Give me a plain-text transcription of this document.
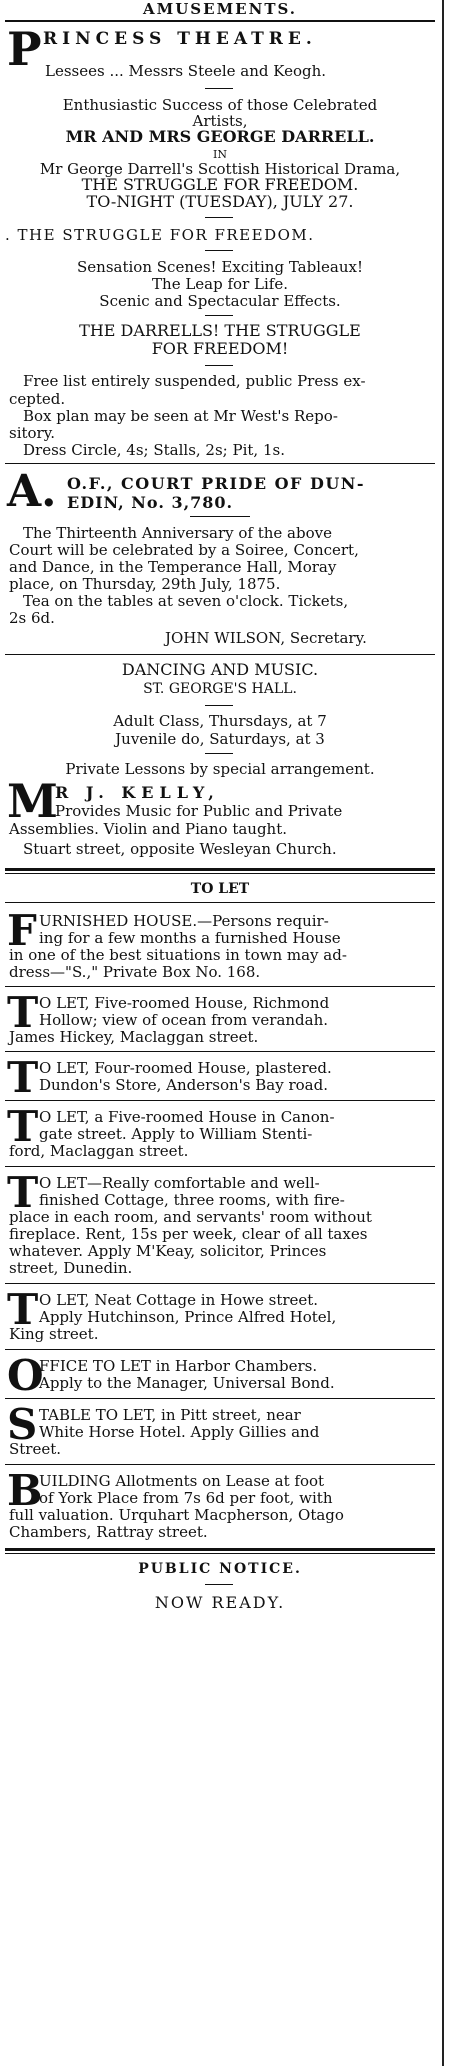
AMUSEMENTS.
P RINCESS THEATRE.
Lessees ... Messrs Steele and Keogh.
Enthusiastic Success of those Celebrated
Artists,
MR AND MRS GEORGE DARRELL.
IN
Mr George Darrell's Scottish Historical Drama,
THE STRUGGLE FOR FREEDOM.
TO-NIGHT (TUESDAY), JULY 27.
. THE STRUGGLE FOR FREEDOM.
Sensation Scenes! Exciting Tableaux!
The Leap for Life.
Scenic and Spectacular Effects.
THE DARRELLS! THE STRUGGLE
FOR FREEDOM!
Free list entirely suspended, public Press ex-
cepted.
Box plan may be seen at Mr West's Repo-
sitory.
Dress Circle, 4s; Stalls, 2s; Pit, 1s.
A. O.F., COURT PRIDE OF DUN-
EDIN, No. 3,780.
The Thirteenth Anniversary of the above
Court will be celebrated by a Soiree, Concert,
and Dance, in the Temperance Hall, Moray
place, on Thursday, 29th July, 1875.
Tea on the tables at seven o'clock. Tickets,
2s 6d.
JOHN WILSON, Secretary.
DANCING AND MUSIC.
ST. GEORGE'S HALL.
Adult Class, Thursdays, at 7
Juvenile do, Saturdays, at 3
Private Lessons by special arrangement.
M
R J. KELLY,
Provides Music for Public and Private
Assemblies. Violin and Piano taught.
Stuart street, opposite Wesleyan Church.
TO LET
F URNISHED HOUSE.—Persons requir-
ing for a few months a furnished House
in one of the best situations in town may ad-
dress—"S.," Private Box No. 168.
T O LET, Five-roomed House, Richmond
Hollow; view of ocean from verandah.
James Hickey, Maclaggan street.
T O LET, Four-roomed House, plastered.
Dundon's Store, Anderson's Bay road.
T O LET, a Five-roomed House in Canon-
gate street. Apply to William Stenti-
ford, Maclaggan street.
T O LET—Really comfortable and well-
finished Cottage, three rooms, with fire-
place in each room, and servants' room without
fireplace. Rent, 15s per week, clear of all taxes
whatever. Apply M'Keay, solicitor, Princes
street, Dunedin.
T O LET, Neat Cottage in Howe street.
Apply Hutchinson, Prince Alfred Hotel,
King street.
O
FFICE TO LET in Harbor Chambers.
Apply to the Manager, Universal Bond.
S TABLE TO LET, in Pitt street, near
White Horse Hotel. Apply Gillies and
Street.
B
UILDING Allotments on Lease at foot
of York Place from 7s 6d per foot, with
full valuation. Urquhart Macpherson, Otago
Chambers, Rattray street.
PUBLIC NOTICE.
NOW READY.
